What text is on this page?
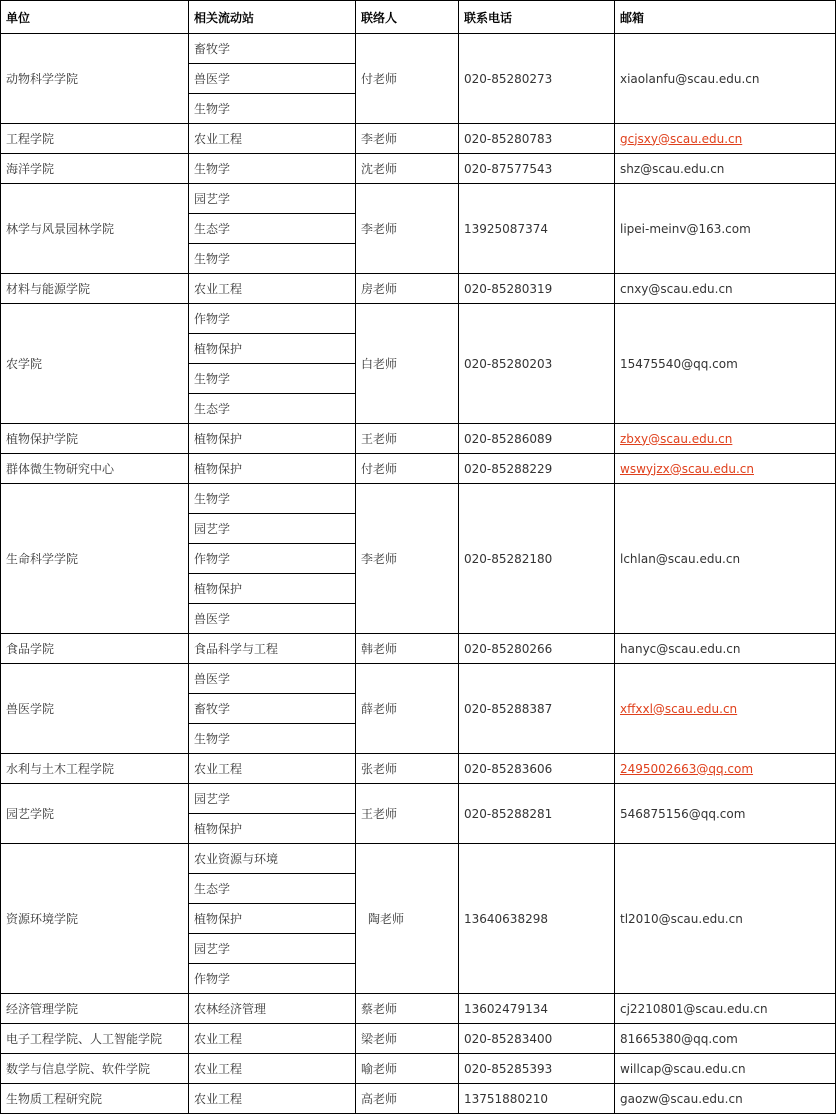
单位	相关流动站	联络人	联系电话	邮箱
动物科学学院	畜牧学	付老师	020-85280273	xiaolanfu@scau.edu.cn
	兽医学			
	生物学			
工程学院	农业工程	李老师	020-85280783	gcjsxy@scau.edu.cn
海洋学院	生物学	沈老师	020-87577543	shz@scau.edu.cn
林学与风景园林学院	园艺学	李老师	13925087374	lipei-meinv@163.com
	生态学			
	生物学			
材料与能源学院	农业工程	房老师	020-85280319	cnxy@scau.edu.cn
农学院	作物学	白老师	020-85280203	15475540@qq.com
	植物保护			
	生物学			
	生态学			
植物保护学院	植物保护	王老师	020-85286089	zbxy@scau.edu.cn
群体微生物研究中心	植物保护	付老师	020-85288229	wswyjzx@scau.edu.cn
生命科学学院	生物学	李老师	020-85282180	lchlan@scau.edu.cn
	园艺学			
	作物学			
	植物保护			
	兽医学			
食品学院	食品科学与工程	韩老师	020-85280266	hanyc@scau.edu.cn
兽医学院	兽医学	薛老师	020-85288387	xffxxl@scau.edu.cn
	畜牧学			
	生物学			
水利与土木工程学院	农业工程	张老师	020-85283606	2495002663@qq.com
园艺学院	园艺学	王老师	020-85288281	546875156@qq.com
	植物保护			
资源环境学院	农业资源与环境	陶老师	13640638298	tl2010@scau.edu.cn
	生态学			
	植物保护			
	园艺学			
	作物学			
经济管理学院	农林经济管理	蔡老师	13602479134	cj2210801@scau.edu.cn
电子工程学院、人工智能学院	农业工程	梁老师	020-85283400	81665380@qq.com
数学与信息学院、软件学院	农业工程	喻老师	020-85285393	willcap@scau.edu.cn
生物质工程研究院	农业工程	高老师	13751880210	gaozw@scau.edu.cn
